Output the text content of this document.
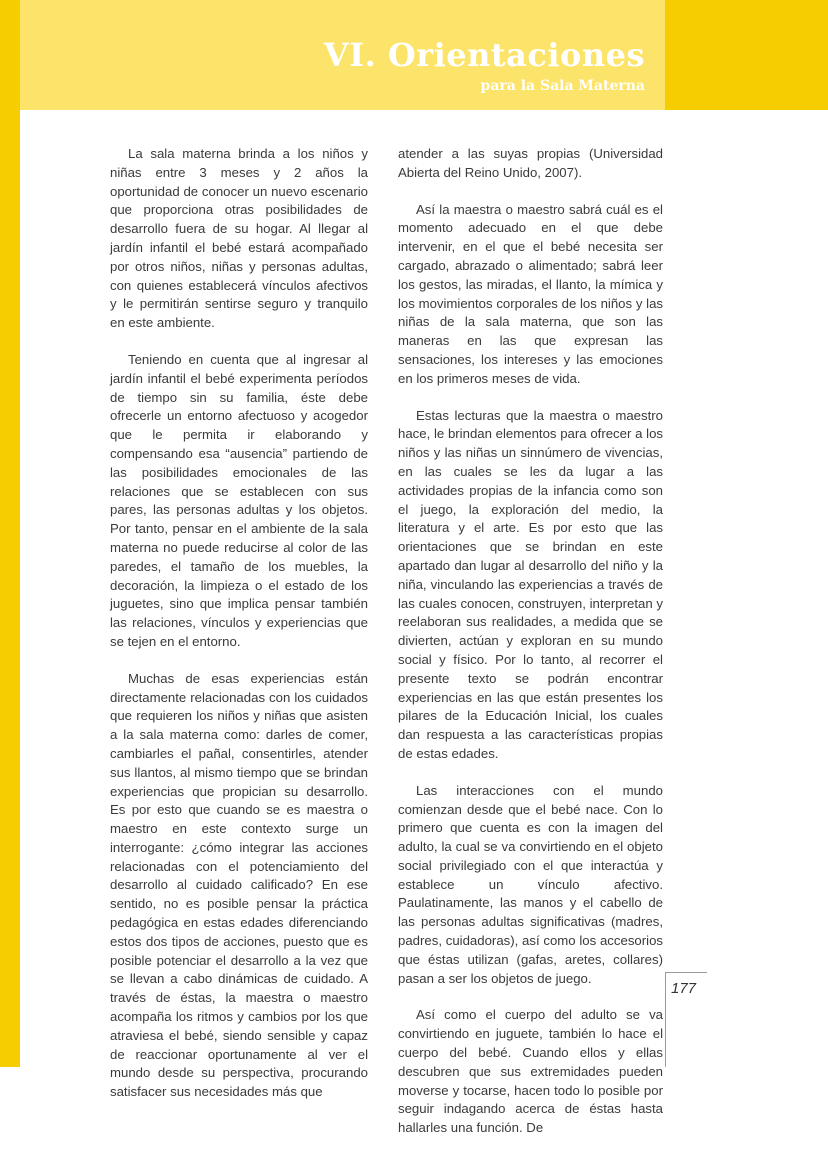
VI. Orientaciones
para la Sala Materna

La sala materna brinda a los niños y niñas entre 3 meses y 2 años la oportunidad de conocer un nuevo escenario que proporciona otras posibilidades de desarrollo fuera de su hogar. Al llegar al jardín infantil el bebé estará acompañado por otros niños, niñas y personas adultas, con quienes establecerá vínculos afectivos y le permitirán sentirse seguro y tranquilo en este ambiente.

Teniendo en cuenta que al ingresar al jardín infantil el bebé experimenta períodos de tiempo sin su familia, éste debe ofrecerle un entorno afectuoso y acogedor que le permita ir elaborando y compensando esa “ausencia” partiendo de las posibilidades emocionales de las relaciones que se establecen con sus pares, las personas adultas y los objetos. Por tanto, pensar en el ambiente de la sala materna no puede reducirse al color de las paredes, el tamaño de los muebles, la decoración, la limpieza o el estado de los juguetes, sino que implica pensar también las relaciones, vínculos y experiencias que se tejen en el entorno.

Muchas de esas experiencias están directamente relacionadas con los cuidados que requieren los niños y niñas que asisten a la sala materna como: darles de comer, cambiarles el pañal, consentirles, atender sus llantos, al mismo tiempo que se brindan experiencias que propician su desarrollo. Es por esto que cuando se es maestra o maestro en este contexto surge un interrogante: ¿cómo integrar las acciones relacionadas con el potenciamiento del desarrollo al cuidado calificado? En ese sentido, no es posible pensar la práctica pedagógica en estas edades diferenciando estos dos tipos de acciones, puesto que es posible potenciar el desarrollo a la vez que se llevan a cabo dinámicas de cuidado. A través de éstas, la maestra o maestro acompaña los ritmos y cambios por los que atraviesa el bebé, siendo sensible y capaz de reaccionar oportunamente al ver el mundo desde su perspectiva, procurando satisfacer sus necesidades más que

atender a las suyas propias (Universidad Abierta del Reino Unido, 2007).

Así la maestra o maestro sabrá cuál es el momento adecuado en el que debe intervenir, en el que el bebé necesita ser cargado, abrazado o alimentado; sabrá leer los gestos, las miradas, el llanto, la mímica y los movimientos corporales de los niños y las niñas de la sala materna, que son las maneras en las que expresan las sensaciones, los intereses y las emociones en los primeros meses de vida.

Estas lecturas que la maestra o maestro hace, le brindan elementos para ofrecer a los niños y las niñas un sinnúmero de vivencias, en las cuales se les da lugar a las actividades propias de la infancia como son el juego, la exploración del medio, la literatura y el arte. Es por esto que las orientaciones que se brindan en este apartado dan lugar al desarrollo del niño y la niña, vinculando las experiencias a través de las cuales conocen, construyen, interpretan y reelaboran sus realidades, a medida que se divierten, actúan y exploran en su mundo social y físico. Por lo tanto, al recorrer el presente texto se podrán encontrar experiencias en las que están presentes los pilares de la Educación Inicial, los cuales dan respuesta a las características propias de estas edades.

Las interacciones con el mundo comienzan desde que el bebé nace. Con lo primero que cuenta es con la imagen del adulto, la cual se va convirtiendo en el objeto social privilegiado con el que interactúa y establece un vínculo afectivo. Paulatinamente, las manos y el cabello de las personas adultas significativas (madres, padres, cuidadoras), así como los accesorios que éstas utilizan (gafas, aretes, collares) pasan a ser los objetos de juego.

Así como el cuerpo del adulto se va convirtiendo en juguete, también lo hace el cuerpo del bebé. Cuando ellos y ellas descubren que sus extremidades pueden moverse y tocarse, hacen todo lo posible por seguir indagando acerca de éstas hasta hallarles una función. De

177
